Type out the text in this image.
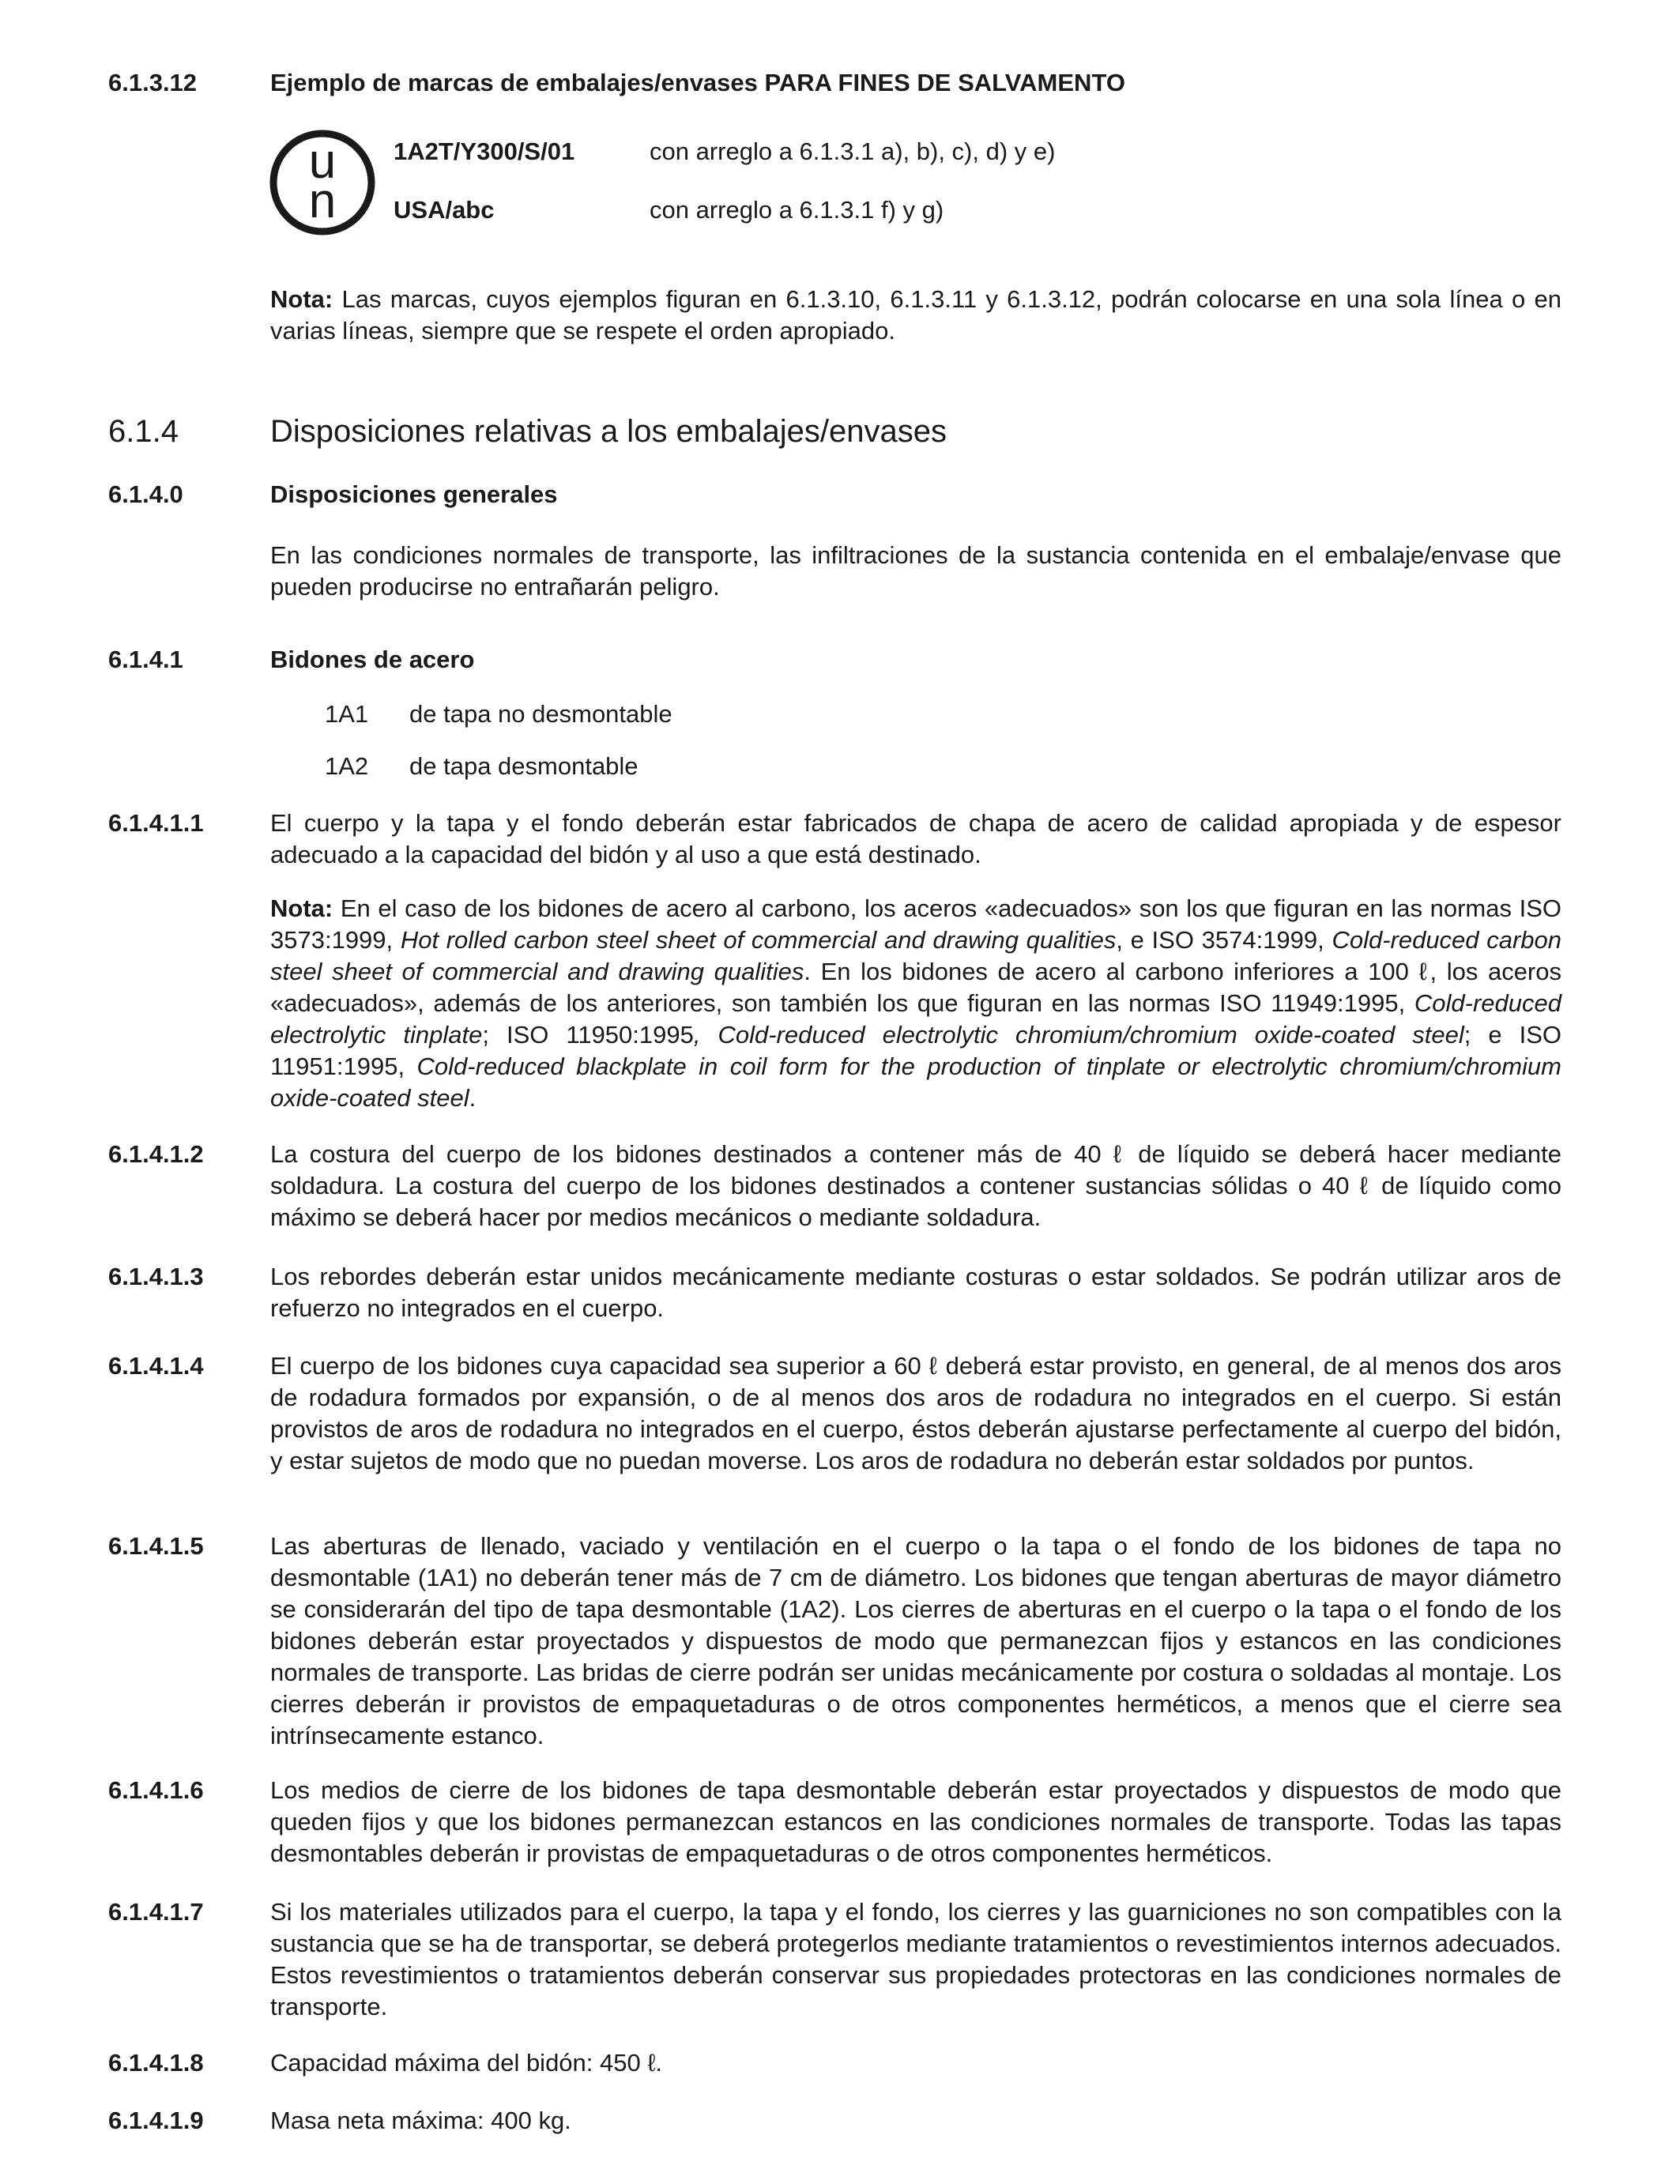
6.1.3.12	Ejemplo de marcas de embalajes/envases PARA FINES DE SALVAMENTO
u
n
1A2T/Y300/S/01	con arreglo a 6.1.3.1 a), b), c), d) y e)
USA/abc	con arreglo a 6.1.3.1 f) y g)
Nota: Las marcas, cuyos ejemplos figuran en 6.1.3.10, 6.1.3.11 y 6.1.3.12, podrán colocarse en una sola línea o en varias líneas, siempre que se respete el orden apropiado.
6.1.4	Disposiciones relativas a los embalajes/envases
6.1.4.0	Disposiciones generales
En las condiciones normales de transporte, las infiltraciones de la sustancia contenida en el embalaje/envase que pueden producirse no entrañarán peligro.
6.1.4.1	Bidones de acero
1A1 de tapa no desmontable
1A2 de tapa desmontable
6.1.4.1.1	El cuerpo y la tapa y el fondo deberán estar fabricados de chapa de acero de calidad apropiada y de espesor adecuado a la capacidad del bidón y al uso a que está destinado.
Nota: En el caso de los bidones de acero al carbono, los aceros «adecuados» son los que figuran en las normas ISO 3573:1999, Hot rolled carbon steel sheet of commercial and drawing qualities, e ISO 3574:1999, Cold-reduced carbon steel sheet of commercial and drawing qualities. En los bidones de acero al carbono inferiores a 100 ℓ, los aceros «adecuados», además de los anteriores, son también los que figuran en las normas ISO 11949:1995, Cold-reduced electrolytic tinplate; ISO 11950:1995, Cold-reduced electrolytic chromium/chromium oxide-coated steel; e ISO 11951:1995, Cold-reduced blackplate in coil form for the production of tinplate or electrolytic chromium/chromium oxide-coated steel.
6.1.4.1.2	La costura del cuerpo de los bidones destinados a contener más de 40 ℓ de líquido se deberá hacer mediante soldadura. La costura del cuerpo de los bidones destinados a contener sustancias sólidas o 40 ℓ de líquido como máximo se deberá hacer por medios mecánicos o mediante soldadura.
6.1.4.1.3	Los rebordes deberán estar unidos mecánicamente mediante costuras o estar soldados. Se podrán utilizar aros de refuerzo no integrados en el cuerpo.
6.1.4.1.4	El cuerpo de los bidones cuya capacidad sea superior a 60 ℓ deberá estar provisto, en general, de al menos dos aros de rodadura formados por expansión, o de al menos dos aros de rodadura no integrados en el cuerpo. Si están provistos de aros de rodadura no integrados en el cuerpo, éstos deberán ajustarse perfectamente al cuerpo del bidón, y estar sujetos de modo que no puedan moverse. Los aros de rodadura no deberán estar soldados por puntos.
6.1.4.1.5	Las aberturas de llenado, vaciado y ventilación en el cuerpo o la tapa o el fondo de los bidones de tapa no desmontable (1A1) no deberán tener más de 7 cm de diámetro. Los bidones que tengan aberturas de mayor diámetro se considerarán del tipo de tapa desmontable (1A2). Los cierres de aberturas en el cuerpo o la tapa o el fondo de los bidones deberán estar proyectados y dispuestos de modo que permanezcan fijos y estancos en las condiciones normales de transporte. Las bridas de cierre podrán ser unidas mecánicamente por costura o soldadas al montaje. Los cierres deberán ir provistos de empaquetaduras o de otros componentes herméticos, a menos que el cierre sea intrínsecamente estanco.
6.1.4.1.6	Los medios de cierre de los bidones de tapa desmontable deberán estar proyectados y dispuestos de modo que queden fijos y que los bidones permanezcan estancos en las condiciones normales de transporte. Todas las tapas desmontables deberán ir provistas de empaquetaduras o de otros componentes herméticos.
6.1.4.1.7	Si los materiales utilizados para el cuerpo, la tapa y el fondo, los cierres y las guarniciones no son compatibles con la sustancia que se ha de transportar, se deberá protegerlos mediante tratamientos o revestimientos internos adecuados. Estos revestimientos o tratamientos deberán conservar sus propiedades protectoras en las condiciones normales de transporte.
6.1.4.1.8	Capacidad máxima del bidón: 450 ℓ.
6.1.4.1.9	Masa neta máxima: 400 kg.
